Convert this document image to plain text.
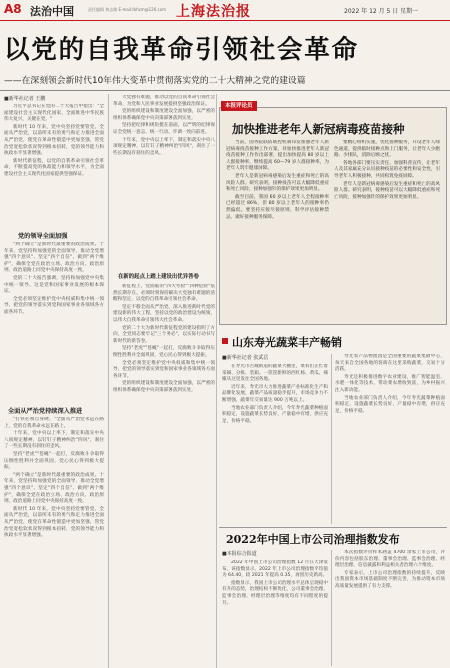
A8 法治中国	责任编辑 黄志敏 E-mail:lbhzm@126.com 上海法治报	2022 年 12 月 5 日 星期一
以党的自我革命引领社会革命
——在深刻领会新时代10年伟大变革中贯彻落实党的二十大精神之党的建设篇
■新华社记者 王鹏

习近平总书记在党的二十大报告中指出："全面建设社会主义现代化国家、全面推进中华民族伟大复兴，关键在党。"

新时代 10 年来，党中央坚持党要管党、全面从严治党，以前所未有的勇气和定力推进全面从严治党，使党在革命性锻造中更加坚强，管党治党宽松软状况得到根本扭转，党的领导能力和执政水平显著增强。

新时代新征程，以党的自我革命引领社会革命，不断提高党的执政能力和领导水平，为全面建设社会主义现代化国家提供坚强保证。

党的领导全面加强

"两个确立"是新时代最重要的政治成果。十年来，党坚持和加强党的全面领导，推动全党增强"四个意识"、坚定"四个自信"、做到"两个维护"，确保全党在政治立场、政治方向、政治原则、政治道路上同党中央保持高度一致。

党的二十大报告强调，坚持和加强党中央集中统一领导。这是党和国家事业发展的根本保证。

全党必须坚定维护党中央权威和集中统一领导，把党的领导落实到党和国家事业各领域各方面各环节。

全面从严治党持续深入推进

"打铁必须自身硬。"全面从严治党永远在路上，党的自我革命永远在路上。

十年来，党中央以上率下，制定和落实中央八项规定精神，以钉钉子精神纠治"四风"，刹住了一些长期没有刹住的歪风。

坚持"老虎""苍蝇"一起打，反腐败斗争取得压倒性胜利并全面巩固，党心民心得到极大提振。

"两个确立"是新时代最重要的政治成果。十年来，党坚持和加强党的全面领导，推动全党增强"四个意识"、坚定"四个自信"、做到"两个维护"，确保全党在政治立场、政治方向、政治原则、政治道路上同党中央保持高度一致。

新时代 10 年来，党中央坚持党要管党、全面从严治党，以前所未有的勇气和定力推进全面从严治党，使党在革命性锻造中更加坚强，管党治党宽松软状况得到根本扭转，党的领导能力和执政水平显著增强。

大党独有难题，推动以党的自我革命引领社会革命，为党和人民事业发展提供坚强政治保证。

党的组织建设和制度建设全面加强，以严密的组织体系确保党中央决策部署落到实处。

坚持把纪律和规矩挺在前面，以严明的纪律保证全党统一意志、统一行动、步调一致向前进。

十年来，党中央以上率下，制定和落实中央八项规定精神，以钉钉子精神纠治"四风"，刹住了一些长期没有刹住的歪风。

在新的起点上踏上建设出优异答卷

新征程上，党面临的"四大考验""四种危险"依然长期存在。必须时刻保持解决大党独有难题的清醒和坚定，以党的自我革命引领社会革命。

坚定不移全面从严治党，深入推进新时代党的建设新的伟大工程，坚持以党的政治建设为统领，以伟大自我革命引领伟大社会革命。

党的二十大为新时代新征程党的建设指明了方向，全党同志要牢记"三个务必"，以实际行动书写新时代的新答卷。

坚持"老虎""苍蝇"一起打，反腐败斗争取得压倒性胜利并全面巩固，党心民心得到极大提振。

全党必须坚定维护党中央权威和集中统一领导，把党的领导落实到党和国家事业各领域各方面各环节。

党的组织建设和制度建设全面加强，以严密的组织体系确保党中央决策部署落到实处。

本报评论员
加快推进老年人新冠病毒疫苗接种

当前，国务院联防联控机制印发加强老年人新冠病毒疫苗接种工作方案，对加快推进老年人新冠疫苗接种工作作出部署，提出加快提高 80 岁以上人群接种率，继续提高 60—79 岁人群接种率，为老年人筑牢健康屏障。

老年人是新冠病毒感染后发生重症和死亡的高风险人群。研究表明，接种疫苗可以大幅降低重症和死亡风险，接种加强针的保护效果更加明显。

截至目前，我国 60 岁以上老年人全程接种率已经超过 86%，但 80 岁以上老年人的接种率仍然偏低。要坚持应接尽接原则，科学评估接种禁忌，做好接种服务保障。

要精心组织实施，优化接种服务，开设老年人绿色通道，提供临时接种点和上门服务，让老年人少跑路、少排队，消除后顾之忧。

各地各部门要压实责任，加强科普宣传，让老年人及其家属充分认识接种疫苗的必要性和安全性，引导老年人积极接种，共同构筑免疫屏障。

老年人是新冠病毒感染后发生重症和死亡的高风险人群。研究表明，接种疫苗可以大幅降低重症和死亡风险，接种加强针的保护效果更加明显。

山东寿光蔬菜丰产畅销
■新华社记者 张武岳

在寿光市古城街道的蔬菜大棚里，菜农们正忙着采摘、分拣、装箱。一筐筐新鲜的西红柿、黄瓜、辣椒从这里发往全国各地。

近年来，寿光市大力推进蔬菜产业标准化生产和品牌化发展，蔬菜产品质量稳步提升，市场竞争力不断增强，蔬菜年交易量达 900 万吨以上。

当地农业部门负责人介绍，今年寿光蔬菜种植面积稳定，设施蔬菜长势良好，产量稳中有增，供应充足，价格平稳。

寿光农产品物流园是全国重要的蔬菜集散中心，每天来自全国各地的客商在这里采购蔬菜，交易十分活跃。

寿光还积极推进数字农业建设，推广智能温室、水肥一体化等技术，带动菜农增收致富，为乡村振兴注入新动能。

当地农业部门负责人介绍，今年寿光蔬菜种植面积稳定，设施蔬菜长势良好，产量稳中有增，供应充足，价格平稳。

2022年中国上市公司治理指数发布
■本报综合报道

2022 年中国上市公司治理指数 12 月在天津发布。该指数显示，2022 年上市公司治理指数平均值为 64.40，较 2021 年提高 0.35，再创历史新高。

指数显示，我国上市公司治理水平总体呈现稳中有升的态势，治理结构不断优化，公司董事会治理、监事会治理、经理层治理等维度均有不同程度的提升。

本次指数评价样本涵盖 4700 余家上市公司，评价内容包括股东治理、董事会治理、监事会治理、经理层治理、信息披露和利益相关者治理六个维度。

专家表示，上市公司治理指数的持续提升，反映出我国资本市场基础制度不断完善，为推动资本市场高质量发展提供了有力支撑。
